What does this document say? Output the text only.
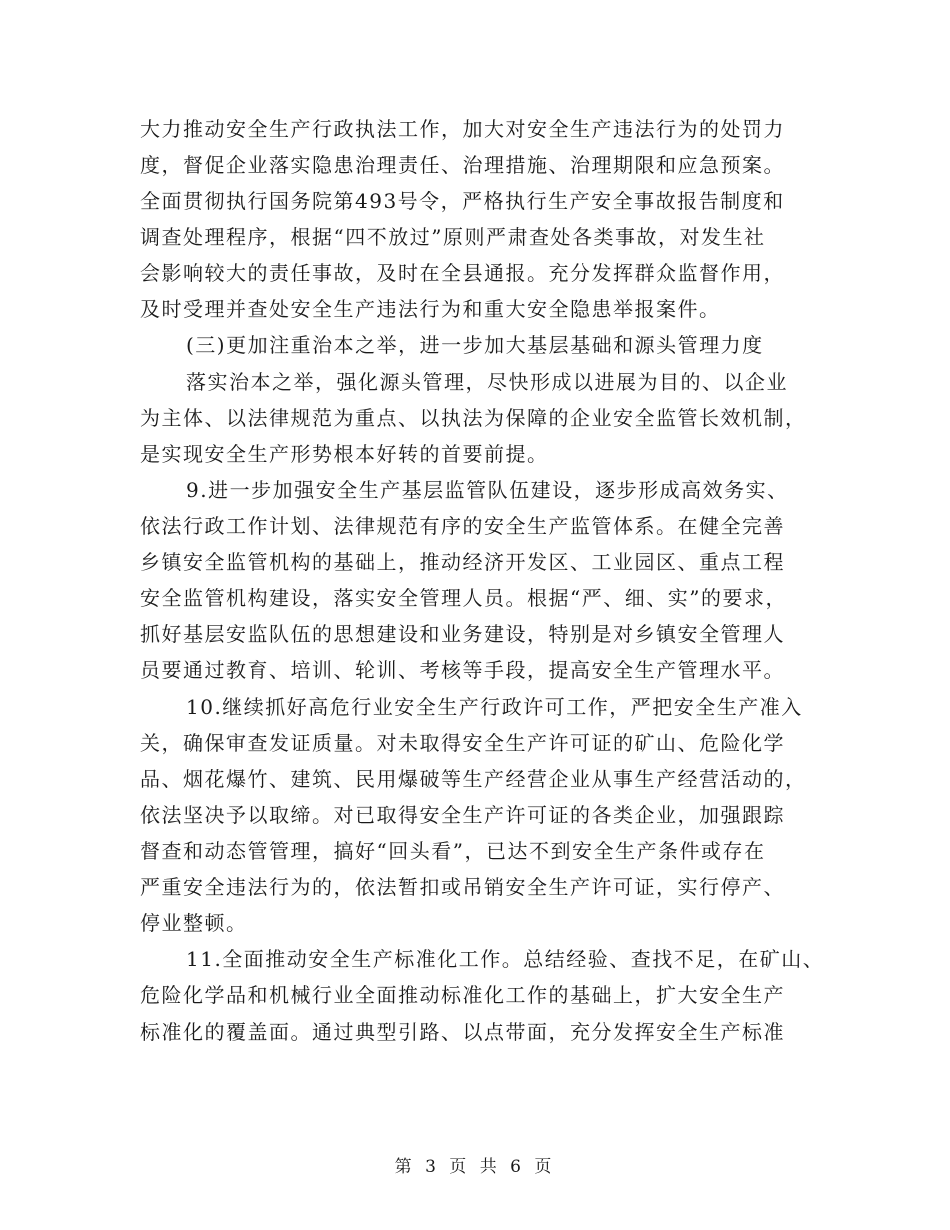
大力推动安全生产行政执法工作，加大对安全生产违法行为的处罚力
度，督促企业落实隐患治理责任、治理措施、治理期限和应急预案。
全面贯彻执行国务院第493号令，严格执行生产安全事故报告制度和
调查处理程序，根据“四不放过”原则严肃查处各类事故，对发生社
会影响较大的责任事故，及时在全县通报。充分发挥群众监督作用，
及时受理并查处安全生产违法行为和重大安全隐患举报案件。
(三)更加注重治本之举，进一步加大基层基础和源头管理力度
落实治本之举，强化源头管理，尽快形成以进展为目的、以企业
为主体、以法律规范为重点、以执法为保障的企业安全监管长效机制，
是实现安全生产形势根本好转的首要前提。
9.进一步加强安全生产基层监管队伍建设，逐步形成高效务实、
依法行政工作计划、法律规范有序的安全生产监管体系。在健全完善
乡镇安全监管机构的基础上，推动经济开发区、工业园区、重点工程
安全监管机构建设，落实安全管理人员。根据“严、细、实”的要求，
抓好基层安监队伍的思想建设和业务建设，特别是对乡镇安全管理人
员要通过教育、培训、轮训、考核等手段，提高安全生产管理水平。
10.继续抓好高危行业安全生产行政许可工作，严把安全生产准入
关，确保审查发证质量。对未取得安全生产许可证的矿山、危险化学
品、烟花爆竹、建筑、民用爆破等生产经营企业从事生产经营活动的，
依法坚决予以取缔。对已取得安全生产许可证的各类企业，加强跟踪
督查和动态管管理，搞好“回头看”，已达不到安全生产条件或存在
严重安全违法行为的，依法暂扣或吊销安全生产许可证，实行停产、
停业整顿。
11.全面推动安全生产标准化工作。总结经验、查找不足，在矿山、
危险化学品和机械行业全面推动标准化工作的基础上，扩大安全生产
标准化的覆盖面。通过典型引路、以点带面，充分发挥安全生产标准
第 3 页 共 6 页
